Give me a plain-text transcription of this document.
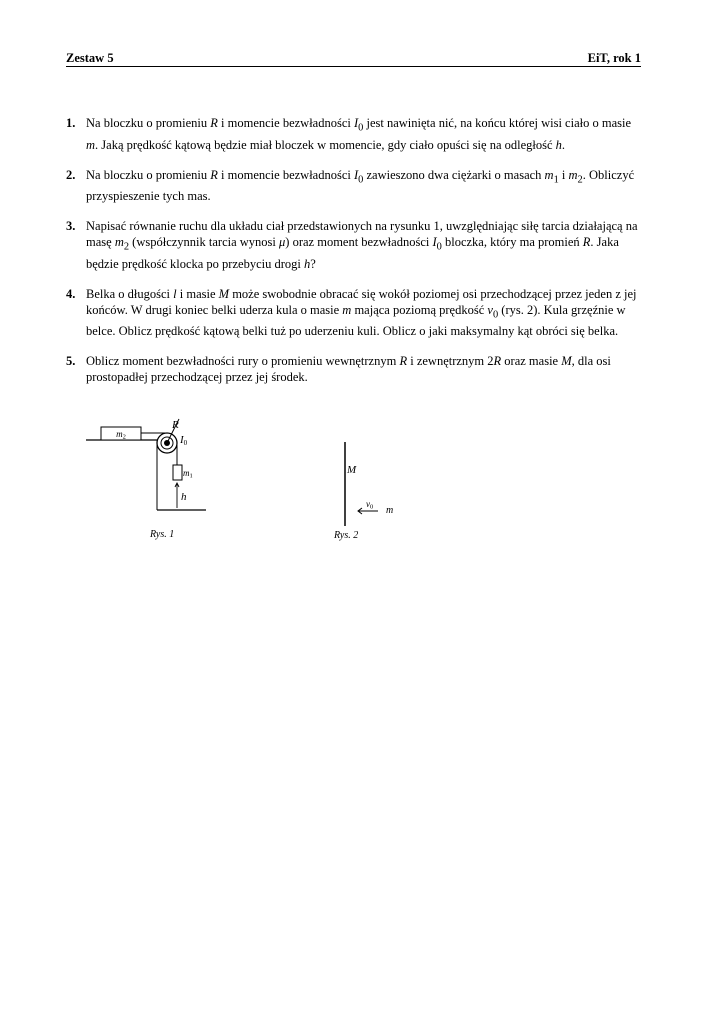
Zestaw 5	EiT, rok 1
1. Na bloczku o promieniu R i momencie bezwładności $I_0$ jest nawinięta nić, na końcu której wisi ciało o masie m. Jaką prędkość kątową będzie miał bloczek w momencie, gdy ciało opuści się na odległość h.
2. Na bloczku o promieniu R i momencie bezwładności $I_0$ zawieszono dwa ciężarki o masach $m_1$ i $m_2$. Obliczyć przyspieszenie tych mas.
3. Napisać równanie ruchu dla układu ciał przedstawionych na rysunku 1, uwzględniając siłę tarcia działającą na masę $m_2$ (współczynnik tarcia wynosi μ) oraz moment bezwładności $I_0$ bloczka, który ma promień R. Jaka będzie prędkość klocka po przebyciu drogi h?
4. Belka o długości l i masie M może swobodnie obracać się wokół poziomej osi przechodzącej przez jeden z jej końców. W drugi koniec belki uderza kula o masie m mająca poziomą prędkość $v_0$ (rys. 2). Kula grzęźnie w belce. Oblicz prędkość kątową belki tuż po uderzeniu kuli. Oblicz o jaki maksymalny kąt obróci się belka.
5. Oblicz moment bezwładności rury o promieniu wewnętrznym R i zewnętrznym 2R oraz masie M, dla osi prostopadłej przechodzącej przez jej środek.
m2
R
I0
m1
h
Rys. 1
M
v0 m
Rys. 2
